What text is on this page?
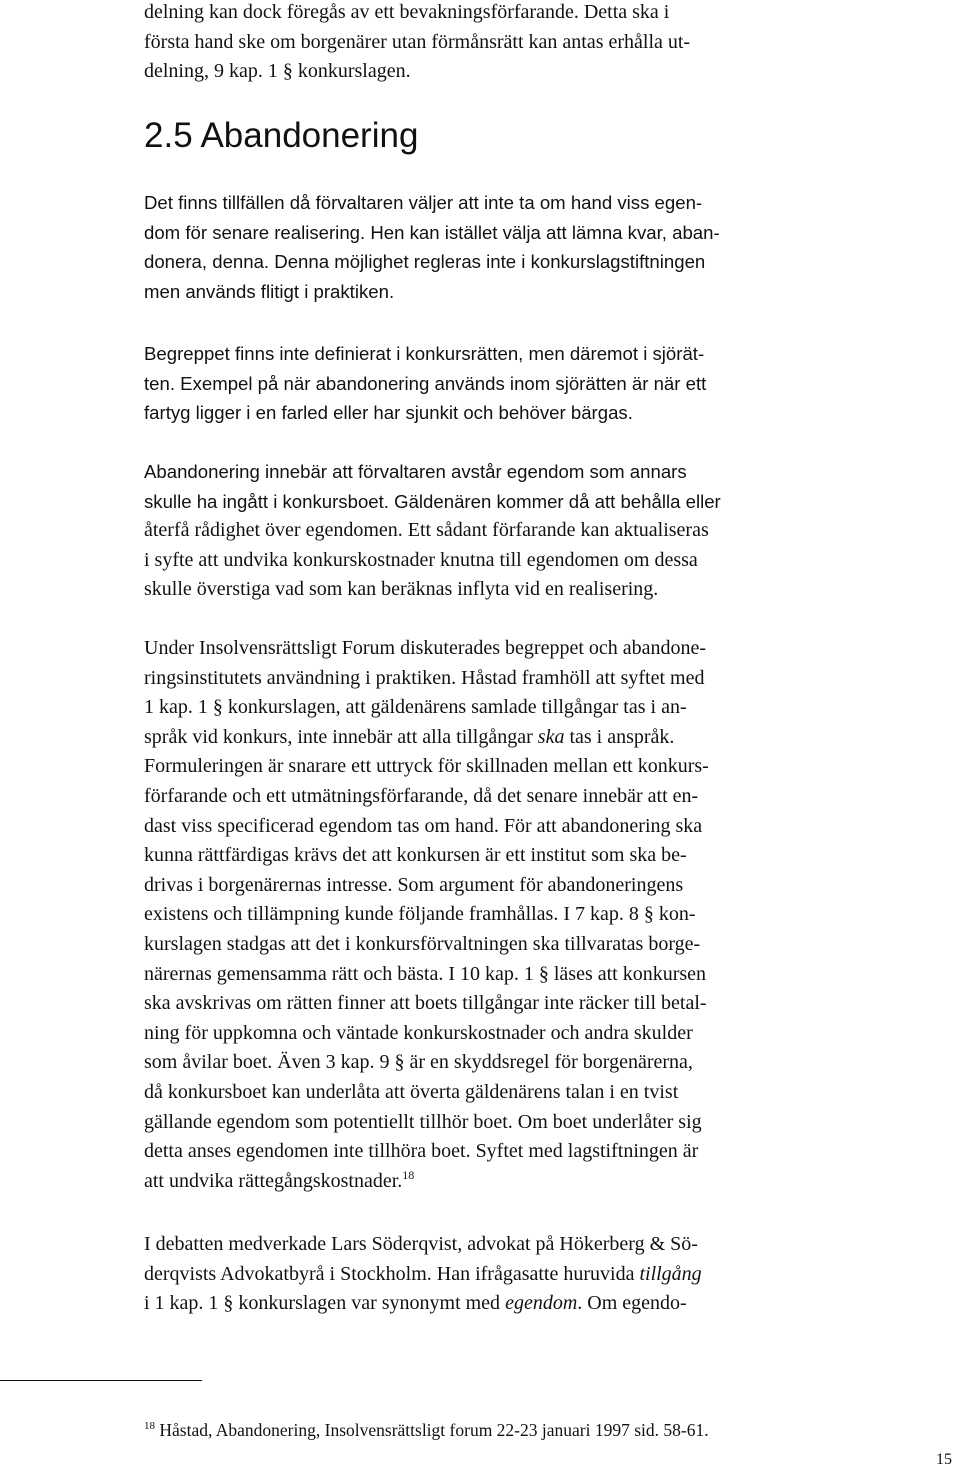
delning kan dock föregås av ett bevakningsförfarande. Detta ska i
första hand ske om borgenärer utan förmånsrätt kan antas erhålla ut-
delning, 9 kap. 1 § konkurslagen.
2.5 Abandonering
Det finns tillfällen då förvaltaren väljer att inte ta om hand viss egen-
dom för senare realisering. Hen kan istället välja att lämna kvar, aban-
donera, denna. Denna möjlighet regleras inte i konkurslagstiftningen
men används flitigt i praktiken.
Begreppet finns inte definierat i konkursrätten, men däremot i sjörät-
ten. Exempel på när abandonering används inom sjörätten är när ett
fartyg ligger i en farled eller har sjunkit och behöver bärgas.
Abandonering innebär att förvaltaren avstår egendom som annars
skulle ha ingått i konkursboet. Gäldenären kommer då att behålla eller
återfå rådighet över egendomen. Ett sådant förfarande kan aktualiseras
i syfte att undvika konkurskostnader knutna till egendomen om dessa
skulle överstiga vad som kan beräknas inflyta vid en realisering.
Under Insolvensrättsligt Forum diskuterades begreppet och abandone-
ringsinstitutets användning i praktiken. Håstad framhöll att syftet med
1 kap. 1 § konkurslagen, att gäldenärens samlade tillgångar tas i an-
språk vid konkurs, inte innebär att alla tillgångar ska tas i anspråk.
Formuleringen är snarare ett uttryck för skillnaden mellan ett konkurs-
förfarande och ett utmätningsförfarande, då det senare innebär att en-
dast viss specificerad egendom tas om hand. För att abandonering ska
kunna rättfärdigas krävs det att konkursen är ett institut som ska be-
drivas i borgenärernas intresse. Som argument för abandoneringens
existens och tillämpning kunde följande framhållas. I 7 kap. 8 § kon-
kurslagen stadgas att det i konkursförvaltningen ska tillvaratas borge-
närernas gemensamma rätt och bästa. I 10 kap. 1 § läses att konkursen
ska avskrivas om rätten finner att boets tillgångar inte räcker till betal-
ning för uppkomna och väntade konkurskostnader och andra skulder
som åvilar boet. Även 3 kap. 9 § är en skyddsregel för borgenärerna,
då konkursboet kan underlåta att överta gäldenärens talan i en tvist
gällande egendom som potentiellt tillhör boet. Om boet underlåter sig
detta anses egendomen inte tillhöra boet. Syftet med lagstiftningen är
att undvika rättegångskostnader.$^{18}$
I debatten medverkade Lars Söderqvist, advokat på Hökerberg & Sö-
derqvists Advokatbyrå i Stockholm. Han ifrågasatte huruvida tillgång
i 1 kap. 1 § konkurslagen var synonymt med egendom. Om egendo-
$^{18}$ Håstad, Abandonering, Insolvensrättsligt forum 22-23 januari 1997 sid. 58-61.
15
